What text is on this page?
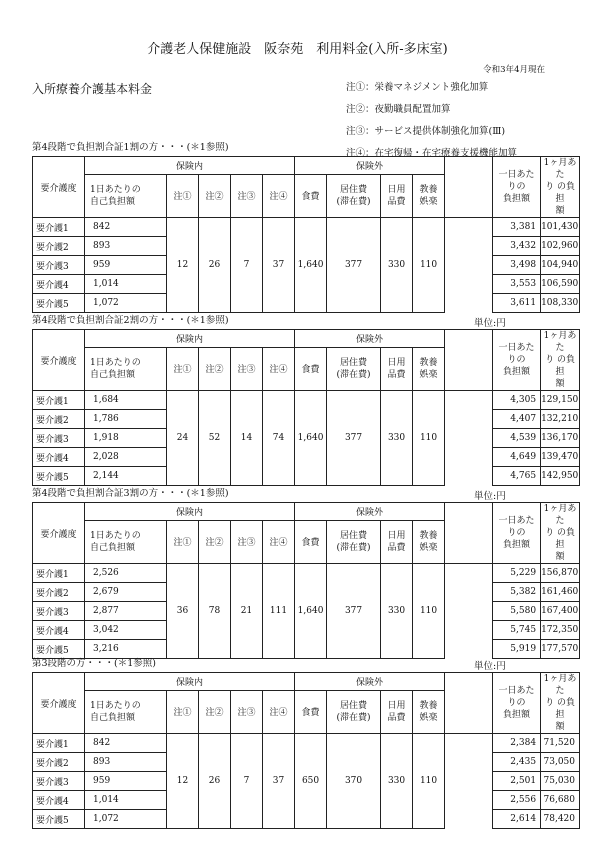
介護老人保健施設　阪奈苑　利用料金(入所-多床室)
令和3年4月現在
入所療養介護基本料金	注①：栄養マネジメント強化加算
注②：夜勤職員配置加算
注③：サービス提供体制強化加算(Ⅲ)
注④：在宅復帰・在宅療養支援機能加算
第4段階で負担割合証1割の方・・・(＊1参照)
要介護度	保険内					保険外					一日あた
りの
負担額	1ヶ月あた
り の負担
額
	1日あたりの
自己負担額	注①	注②	注③	注④	食費	居住費
(滞在費)	日用
品費	教養
娯楽			
要介護1	842	12	26	7	37	1,640	377	330	110		3,381	101,430
要介護2	893										3,432	102,960
要介護3	959										3,498	104,940
要介護4	1,014										3,553	106,590
要介護5	1,072										3,611	108,330
第4段階で負担割合証2割の方・・・(＊1参照)	単位:円
要介護度	保険内					保険外					一日あた
りの
負担額	1ヶ月あた
り の負担
額
	1日あたりの
自己負担額	注①	注②	注③	注④	食費	居住費
(滞在費)	日用
品費	教養
娯楽			
要介護1	1,684	24	52	14	74	1,640	377	330	110		4,305	129,150
要介護2	1,786										4,407	132,210
要介護3	1,918										4,539	136,170
要介護4	2,028										4,649	139,470
要介護5	2,144										4,765	142,950
第4段階で負担割合証3割の方・・・(＊1参照)	単位:円
要介護度	保険内					保険外					一日あた
りの
負担額	1ヶ月あた
り の負担
額
	1日あたりの
自己負担額	注①	注②	注③	注④	食費	居住費
(滞在費)	日用
品費	教養
娯楽			
要介護1	2,526	36	78	21	111	1,640	377	330	110		5,229	156,870
要介護2	2,679										5,382	161,460
要介護3	2,877										5,580	167,400
要介護4	3,042										5,745	172,350
要介護5	3,216										5,919	177,570
第3段階の方・・・(＊1参照)	単位:円
要介護度	保険内					保険外					一日あた
りの
負担額	1ヶ月あた
り の負担
額
	1日あたりの
自己負担額	注①	注②	注③	注④	食費	居住費
(滞在費)	日用
品費	教養
娯楽			
要介護1	842	12	26	7	37	650	370	330	110		2,384	71,520
要介護2	893										2,435	73,050
要介護3	959										2,501	75,030
要介護4	1,014										2,556	76,680
要介護5	1,072										2,614	78,420
